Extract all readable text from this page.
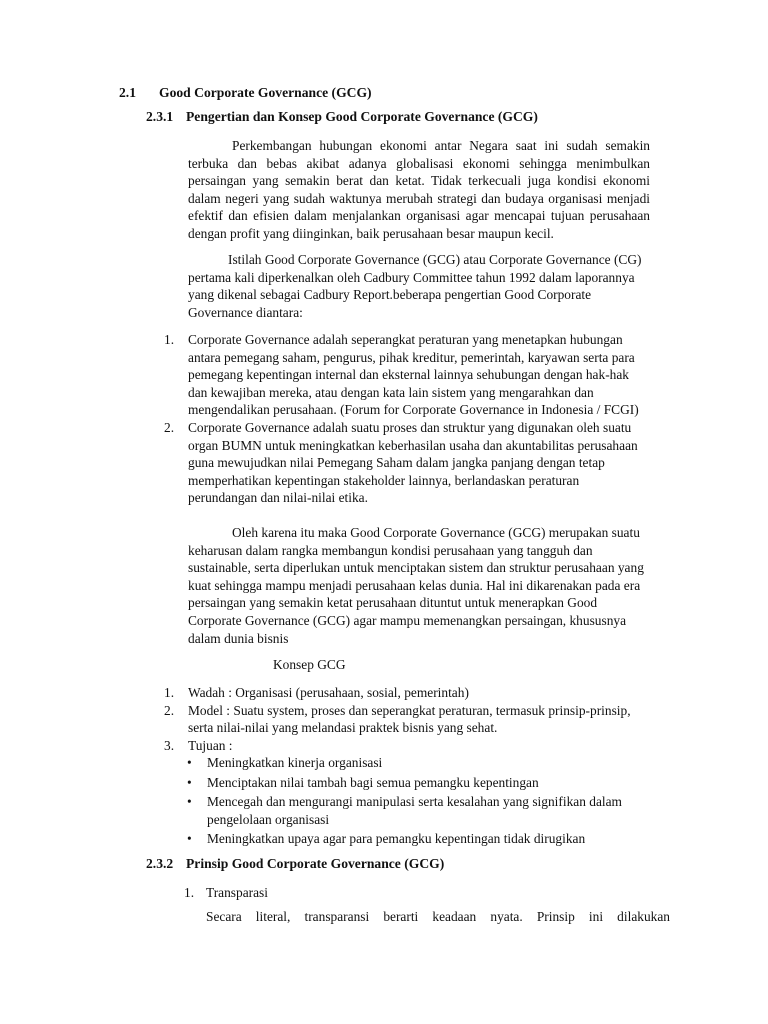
2.1 Good Corporate Governance (GCG)
2.3.1 Pengertian dan Konsep Good Corporate Governance (GCG)

Perkembangan hubungan ekonomi antar Negara saat ini sudah semakin terbuka dan bebas akibat adanya globalisasi ekonomi sehingga menimbulkan persaingan yang semakin berat dan ketat. Tidak terkecuali juga kondisi ekonomi dalam negeri yang sudah waktunya merubah strategi dan budaya organisasi menjadi efektif dan efisien dalam menjalankan organisasi agar mencapai tujuan perusahaan dengan profit yang diinginkan, baik perusahaan besar maupun kecil.

Istilah Good Corporate Governance (GCG) atau Corporate Governance (CG) pertama kali diperkenalkan oleh Cadbury Committee tahun 1992 dalam laporannya yang dikenal sebagai Cadbury Report.beberapa pengertian Good Corporate Governance diantara:

1. Corporate Governance adalah seperangkat peraturan yang menetapkan hubungan antara pemegang saham, pengurus, pihak kreditur, pemerintah, karyawan serta para pemegang kepentingan internal dan eksternal lainnya sehubungan dengan hak-hak dan kewajiban mereka, atau dengan kata lain sistem yang mengarahkan dan mengendalikan perusahaan. (Forum for Corporate Governance in Indonesia / FCGI)
2. Corporate Governance adalah suatu proses dan struktur yang digunakan oleh suatu organ BUMN untuk meningkatkan keberhasilan usaha dan akuntabilitas perusahaan guna mewujudkan nilai Pemegang Saham dalam jangka panjang dengan tetap memperhatikan kepentingan stakeholder lainnya, berlandaskan peraturan perundangan dan nilai-nilai etika.

Oleh karena itu maka Good Corporate Governance (GCG) merupakan suatu keharusan dalam rangka membangun kondisi perusahaan yang tangguh dan sustainable, serta diperlukan untuk menciptakan sistem dan struktur perusahaan yang kuat sehingga mampu menjadi perusahaan kelas dunia. Hal ini dikarenakan pada era persaingan yang semakin ketat perusahaan dituntut untuk menerapkan Good Corporate Governance (GCG) agar mampu memenangkan persaingan, khususnya dalam dunia bisnis

Konsep GCG
1. Wadah : Organisasi (perusahaan, sosial, pemerintah)
2. Model : Suatu system, proses dan seperangkat peraturan, termasuk prinsip-prinsip, serta nilai-nilai yang melandasi praktek bisnis yang sehat.
3. Tujuan :
• Meningkatkan kinerja organisasi
• Menciptakan nilai tambah bagi semua pemangku kepentingan
• Mencegah dan mengurangi manipulasi serta kesalahan yang signifikan dalam pengelolaan organisasi
• Meningkatkan upaya agar para pemangku kepentingan tidak dirugikan
2.3.2 Prinsip Good Corporate Governance (GCG)
1. Transparasi
Secara literal, transparansi berarti keadaan nyata. Prinsip ini dilakukan
